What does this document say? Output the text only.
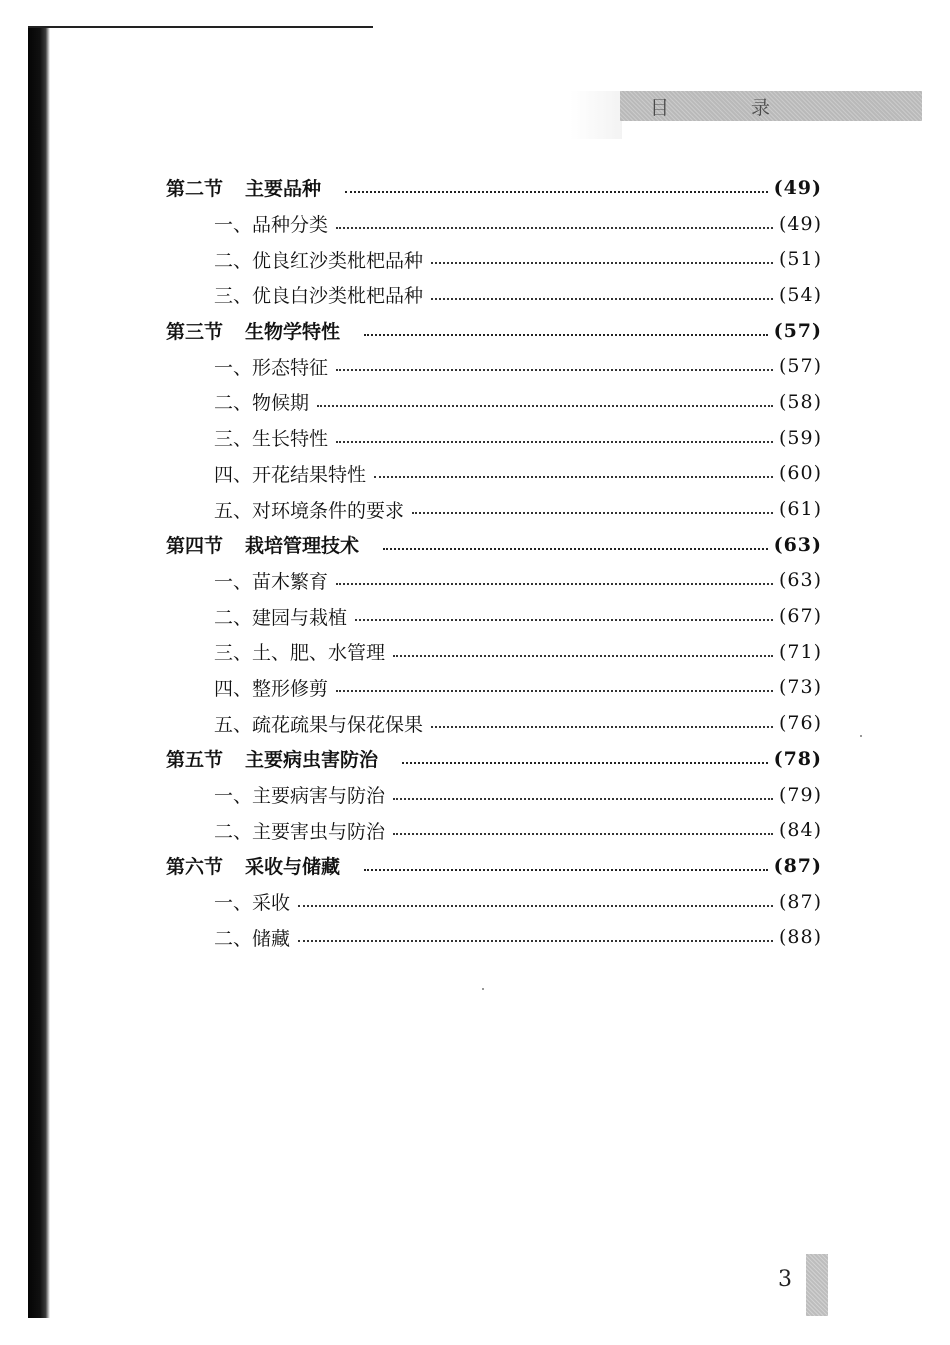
目 录
第二节 主要品种	(49)
一、品种分类	(49)
二、优良红沙类枇杷品种	(51)
三、优良白沙类枇杷品种	(54)
第三节 生物学特性	(57)
一、形态特征	(57)
二、物候期	(58)
三、生长特性	(59)
四、开花结果特性	(60)
五、对环境条件的要求	(61)
第四节 栽培管理技术	(63)
一、苗木繁育	(63)
二、建园与栽植	(67)
三、土、肥、水管理	(71)
四、整形修剪	(73)
五、疏花疏果与保花保果	(76)
第五节 主要病虫害防治	(78)
一、主要病害与防治	(79)
二、主要害虫与防治	(84)
第六节 采收与储藏	(87)
一、采收	(87)
二、储藏	(88)
3
